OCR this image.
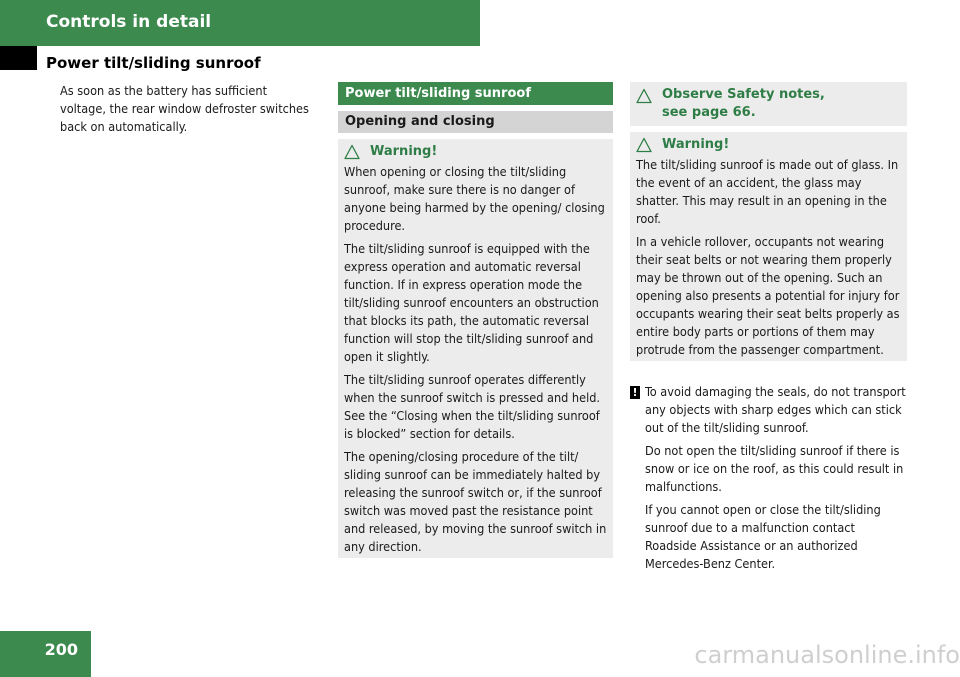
Controls in detail
Power tilt/sliding sunroof

As soon as the battery has sufficient voltage, the rear window defroster switches back on automatically.

Power tilt/sliding sunroof
Opening and closing
Warning!

When opening or closing the tilt/sliding sunroof, make sure there is no danger of anyone being harmed by the opening/ closing procedure.

The tilt/sliding sunroof is equipped with the express operation and automatic reversal function. If in express operation mode the tilt/sliding sunroof encounters an obstruction that blocks its path, the automatic reversal function will stop the tilt/sliding sunroof and open it slightly.

The tilt/sliding sunroof operates differently when the sunroof switch is pressed and held. See the “Closing when the tilt/sliding sunroof is blocked” section for details.

The opening/closing procedure of the tilt/ sliding sunroof can be immediately halted by releasing the sunroof switch or, if the sunroof switch was moved past the resistance point and released, by moving the sunroof switch in any direction.

Observe Safety notes, see page 66.
Warning!

The tilt/sliding sunroof is made out of glass. In the event of an accident, the glass may shatter. This may result in an opening in the roof.

In a vehicle rollover, occupants not wearing their seat belts or not wearing them properly may be thrown out of the opening. Such an opening also presents a potential for injury for occupants wearing their seat belts properly as entire body parts or portions of them may protrude from the passenger compartment.

! To avoid damaging the seals, do not transport any objects with sharp edges which can stick out of the tilt/sliding sunroof.

Do not open the tilt/sliding sunroof if there is snow or ice on the roof, as this could result in malfunctions.

If you cannot open or close the tilt/sliding sunroof due to a malfunction contact Roadside Assistance or an authorized Mercedes-Benz Center.

200	carmanualsonline.info
